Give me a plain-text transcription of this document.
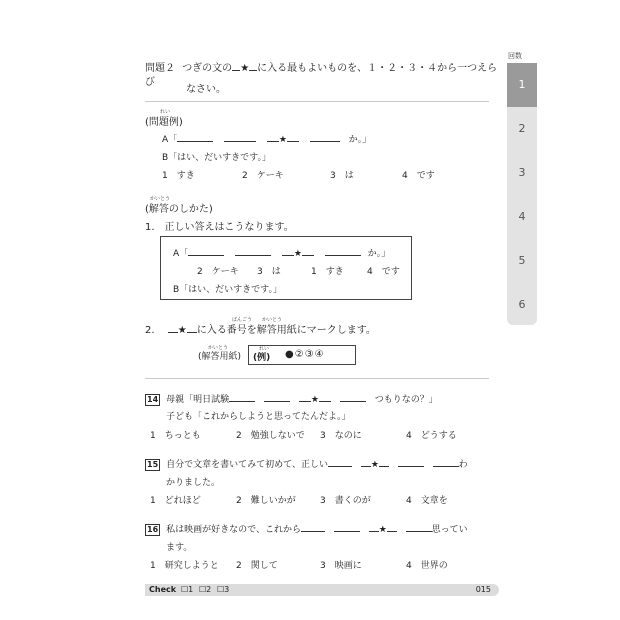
回数
1
2
3
4
5
6
問題２ つぎの文の ★ に入る最もよいものを、１・２・３・４から一つえらび
なさい。
れい
(問題例)
A「	★	か。」
B「はい、だいすきです。」
1　すき	2　ケーキ	3　は	4　です
かいとう
(解答のしかた)
1.　正しい答えはこうなります。
A「	★	か。」
2　ケーキ 3　は	1　すき	4　です
B「はい、だいすきです。」
ばんごう かいとう
2. ★ に入る番号を解答用紙にマークします。
かいとう
(解答用紙)
れい
(例) ●②③④
14 母親「明日試験	★	つもりなの？」
子ども「これからしようと思ってたんだよ。」
1　ちっとも	2　勉強しないで 3　なのに	4　どうする
15 自分で文章を書いてみて初めて、正しい	★	わ
かりました。
1　どれほど	2　難しいかが	3　書くのが	4　文章を
16 私は映画が好きなので、これから	★	思ってい
ます。
1　研究しようと 2　関して	3　映画に	4　世界の
Check ☐1 ☐2 ☐3	015
